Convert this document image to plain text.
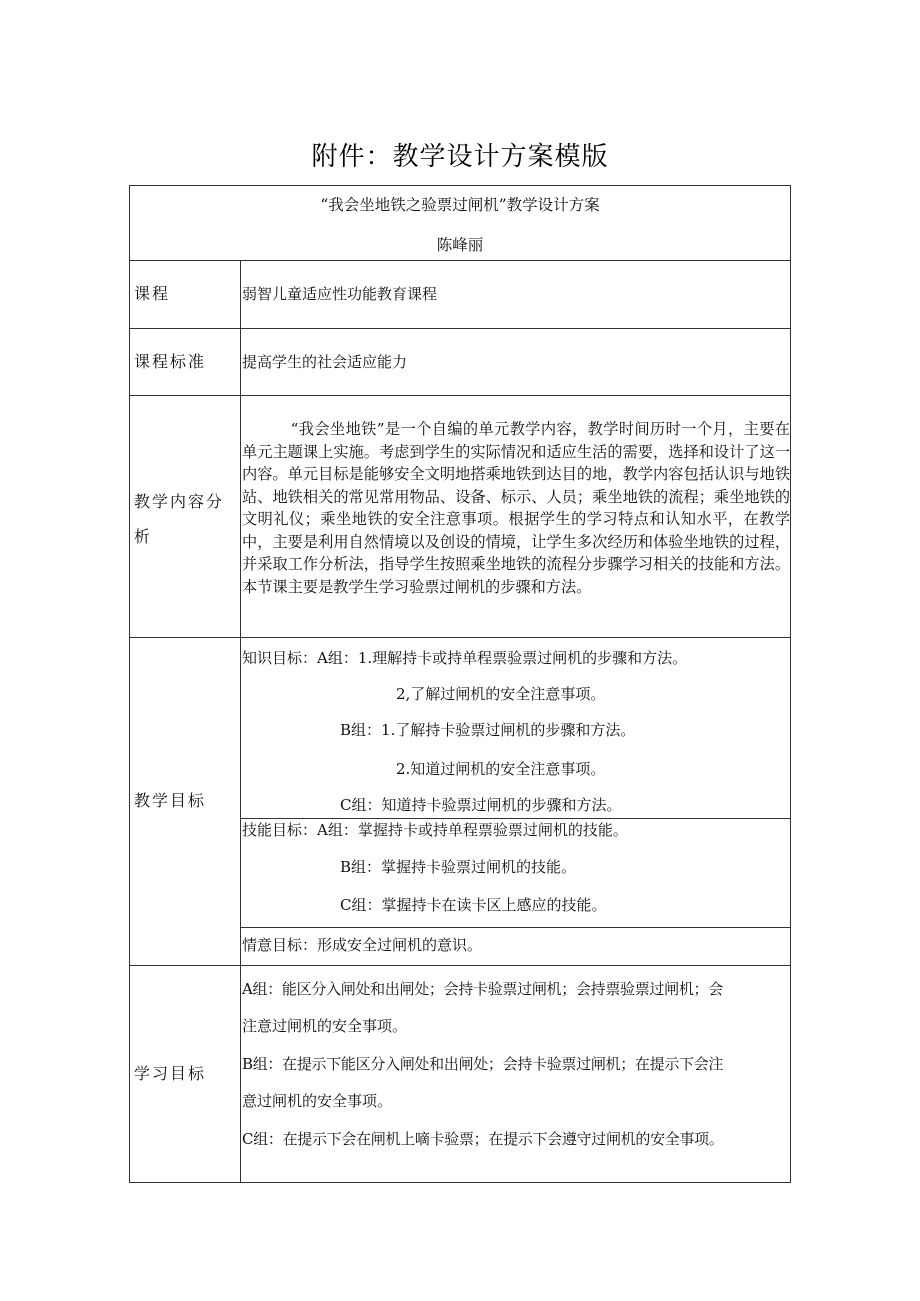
附件：教学设计方案模版
“我会坐地铁之验票过闸机”教学设计方案
陈峰丽
课程	弱智儿童适应性功能教育课程
课程标准 提高学生的社会适应能力
教学内容分
析
“我会坐地铁”是一个自编的单元教学内容，教学时间历时一个月，主要在单元主题课上实施。考虑到学生的实际情况和适应生活的需要，选择和设计了这一内容。单元目标是能够安全文明地搭乘地铁到达目的地，教学内容包括认识与地铁站、地铁相关的常见常用物品、设备、标示、人员；乘坐地铁的流程；乘坐地铁的文明礼仪；乘坐地铁的安全注意事项。根据学生的学习特点和认知水平，在教学中，主要是利用自然情境以及创设的情境，让学生多次经历和体验坐地铁的过程，并采取工作分析法，指导学生按照乘坐地铁的流程分步骤学习相关的技能和方法。本节课主要是教学生学习验票过闸机的步骤和方法。
教学目标
知识目标：A组：1.理解持卡或持单程票验票过闸机的步骤和方法。
2,了解过闸机的安全注意事项。
B组：1.了解持卡验票过闸机的步骤和方法。
2.知道过闸机的安全注意事项。
C组：知道持卡验票过闸机的步骤和方法。
技能目标：A组：掌握持卡或持单程票验票过闸机的技能。
B组：掌握持卡验票过闸机的技能。
C组：掌握持卡在读卡区上感应的技能。
情意目标：形成安全过闸机的意识。
学习目标
A组：能区分入闸处和出闸处；会持卡验票过闸机；会持票验票过闸机；会
注意过闸机的安全事项。
B组：在提示下能区分入闸处和出闸处；会持卡验票过闸机；在提示下会注
意过闸机的安全事项。
C组：在提示下会在闸机上嘀卡验票；在提示下会遵守过闸机的安全事项。
